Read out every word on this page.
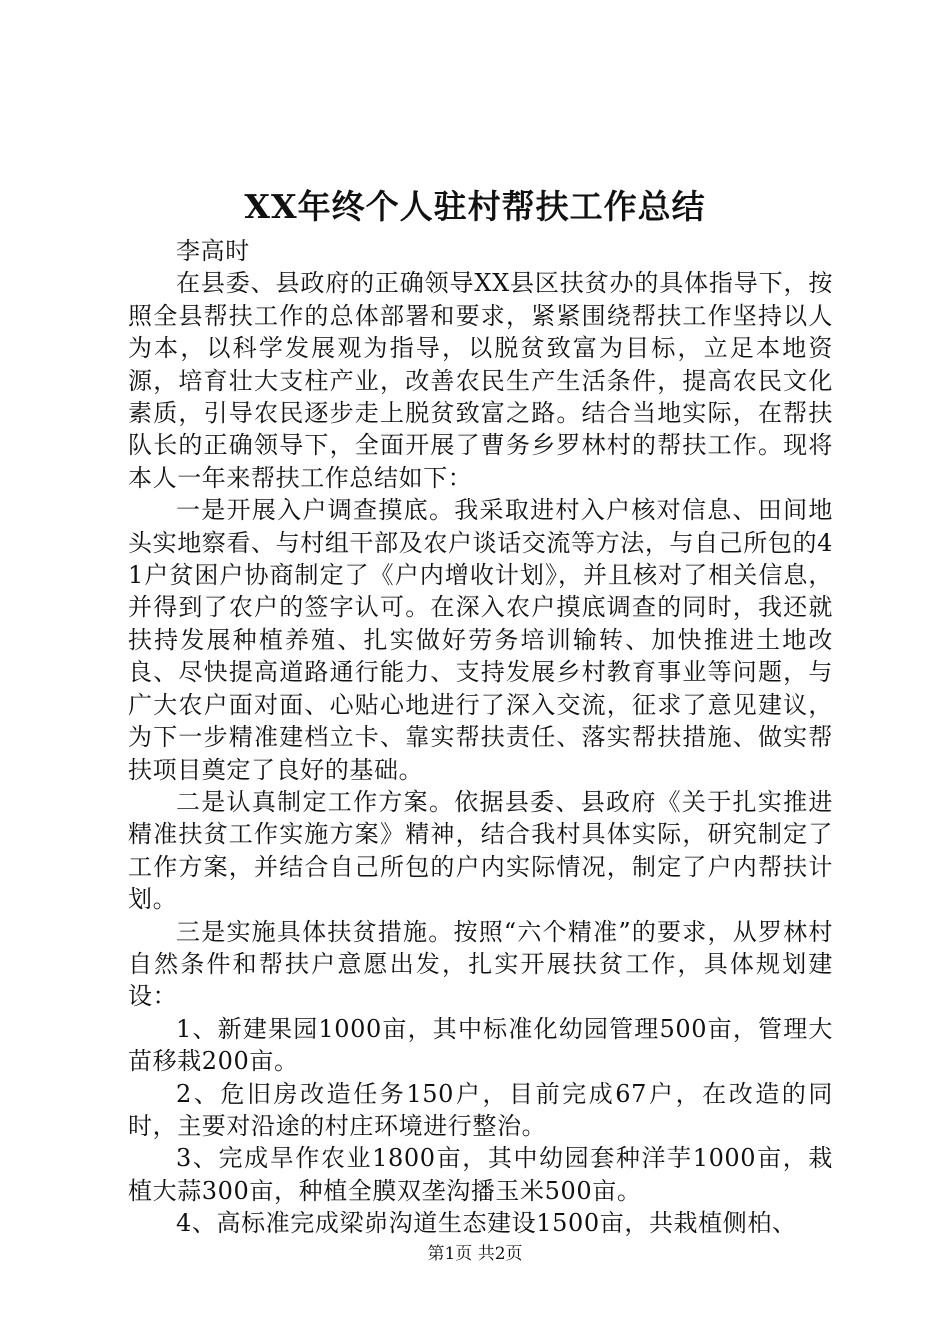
XX年终个人驻村帮扶工作总结

李高时

在县委、县政府的正确领导XX县区扶贫办的具体指导下，按照全县帮扶工作的总体部署和要求，紧紧围绕帮扶工作坚持以人为本，以科学发展观为指导，以脱贫致富为目标，立足本地资源，培育壮大支柱产业，改善农民生产生活条件，提高农民文化素质，引导农民逐步走上脱贫致富之路。结合当地实际，在帮扶队长的正确领导下，全面开展了曹务乡罗林村的帮扶工作。现将本人一年来帮扶工作总结如下：

一是开展入户调查摸底。我采取进村入户核对信息、田间地头实地察看、与村组干部及农户谈话交流等方法，与自己所包的41户贫困户协商制定了《户内增收计划》，并且核对了相关信息，并得到了农户的签字认可。在深入农户摸底调查的同时，我还就扶持发展种植养殖、扎实做好劳务培训输转、加快推进土地改良、尽快提高道路通行能力、支持发展乡村教育事业等问题，与广大农户面对面、心贴心地进行了深入交流，征求了意见建议，为下一步精准建档立卡、靠实帮扶责任、落实帮扶措施、做实帮扶项目奠定了良好的基础。

二是认真制定工作方案。依据县委、县政府《关于扎实推进精准扶贫工作实施方案》精神，结合我村具体实际，研究制定了工作方案，并结合自己所包的户内实际情况，制定了户内帮扶计划。

三是实施具体扶贫措施。按照“六个精准”的要求，从罗林村自然条件和帮扶户意愿出发，扎实开展扶贫工作，具体规划建设：

1、新建果园1000亩，其中标准化幼园管理500亩，管理大苗移栽200亩。

2、危旧房改造任务150户，目前完成67户，在改造的同时，主要对沿途的村庄环境进行整治。

3、完成旱作农业1800亩，其中幼园套种洋芋1000亩，栽植大蒜300亩，种植全膜双垄沟播玉米500亩。

4、高标准完成梁峁沟道生态建设1500亩，共栽植侧柏、

第1页 共2页
